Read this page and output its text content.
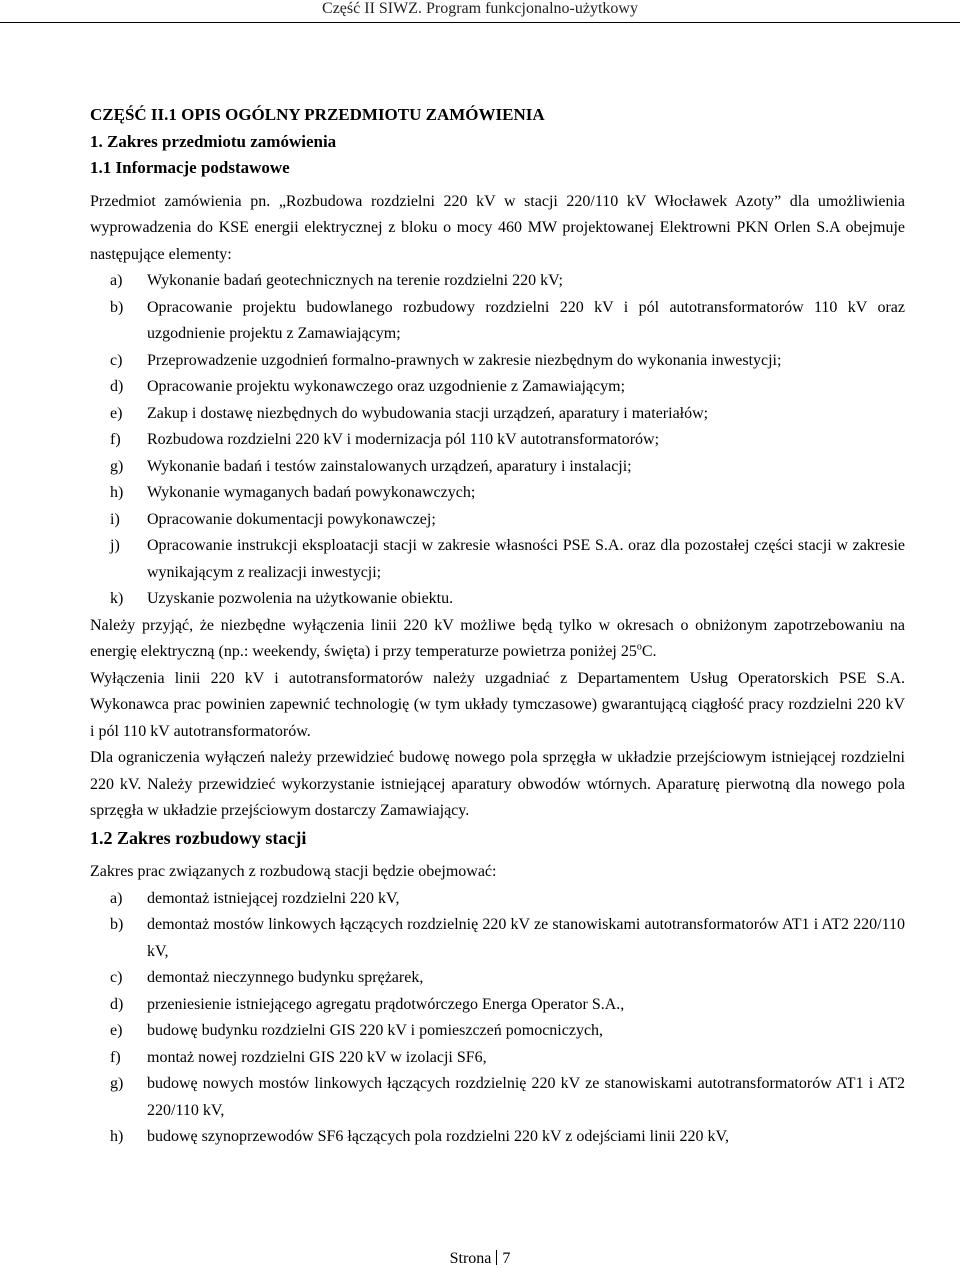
Część II SIWZ. Program funkcjonalno-użytkowy

CZĘŚĆ II.1 OPIS OGÓLNY PRZEDMIOTU ZAMÓWIENIA

1. Zakres przedmiotu zamówienia

1.1 Informacje podstawowe

Przedmiot zamówienia pn. „Rozbudowa rozdzielni 220 kV w stacji 220/110 kV Włocławek Azoty” dla umożliwienia wyprowadzenia do KSE energii elektrycznej z bloku o mocy 460 MW projektowanej Elektrowni PKN Orlen S.A obejmuje następujące elementy:

a)	Wykonanie badań geotechnicznych na terenie rozdzielni 220 kV;
b)	Opracowanie projektu budowlanego rozbudowy rozdzielni 220 kV i pól autotransformatorów 110 kV oraz uzgodnienie projektu z Zamawiającym;
c)	Przeprowadzenie uzgodnień formalno-prawnych w zakresie niezbędnym do wykonania inwestycji;
d)	Opracowanie projektu wykonawczego oraz uzgodnienie z Zamawiającym;
e)	Zakup i dostawę niezbędnych do wybudowania stacji urządzeń, aparatury i materiałów;
f)	Rozbudowa rozdzielni 220 kV i modernizacja pól 110 kV autotransformatorów;
g)	Wykonanie badań i testów zainstalowanych urządzeń, aparatury i instalacji;
h)	Wykonanie wymaganych badań powykonawczych;
i)	Opracowanie dokumentacji powykonawczej;
j)	Opracowanie instrukcji eksploatacji stacji w zakresie własności PSE S.A. oraz dla pozostałej części stacji w zakresie wynikającym z realizacji inwestycji;
k)	Uzyskanie pozwolenia na użytkowanie obiektu.

Należy przyjąć, że niezbędne wyłączenia linii 220 kV możliwe będą tylko w okresach o obniżonym zapotrzebowaniu na energię elektryczną (np.: weekendy, święta) i przy temperaturze powietrza poniżej 25$^o$C.

Wyłączenia linii 220 kV i autotransformatorów należy uzgadniać z Departamentem Usług Operatorskich PSE S.A. Wykonawca prac powinien zapewnić technologię (w tym układy tymczasowe) gwarantującą ciągłość pracy rozdzielni 220 kV i pól 110 kV autotransformatorów.

Dla ograniczenia wyłączeń należy przewidzieć budowę nowego pola sprzęgła w układzie przejściowym istniejącej rozdzielni 220 kV. Należy przewidzieć wykorzystanie istniejącej aparatury obwodów wtórnych. Aparaturę pierwotną dla nowego pola sprzęgła w układzie przejściowym dostarczy Zamawiający.

1.2 Zakres rozbudowy stacji

Zakres prac związanych z rozbudową stacji będzie obejmować:

a)	demontaż istniejącej rozdzielni 220 kV,
b)	demontaż mostów linkowych łączących rozdzielnię 220 kV ze stanowiskami autotransformatorów AT1 i AT2 220/110 kV,
c)	demontaż nieczynnego budynku sprężarek,
d)	przeniesienie istniejącego agregatu prądotwórczego Energa Operator S.A.,
e)	budowę budynku rozdzielni GIS 220 kV i pomieszczeń pomocniczych,
f)	montaż nowej rozdzielni GIS 220 kV w izolacji SF6,
g)	budowę nowych mostów linkowych łączących rozdzielnię 220 kV ze stanowiskami autotransformatorów AT1 i AT2 220/110 kV,
h)	budowę szynoprzewodów SF6 łączących pola rozdzielni 220 kV z odejściami linii 220 kV,
Strona 7
